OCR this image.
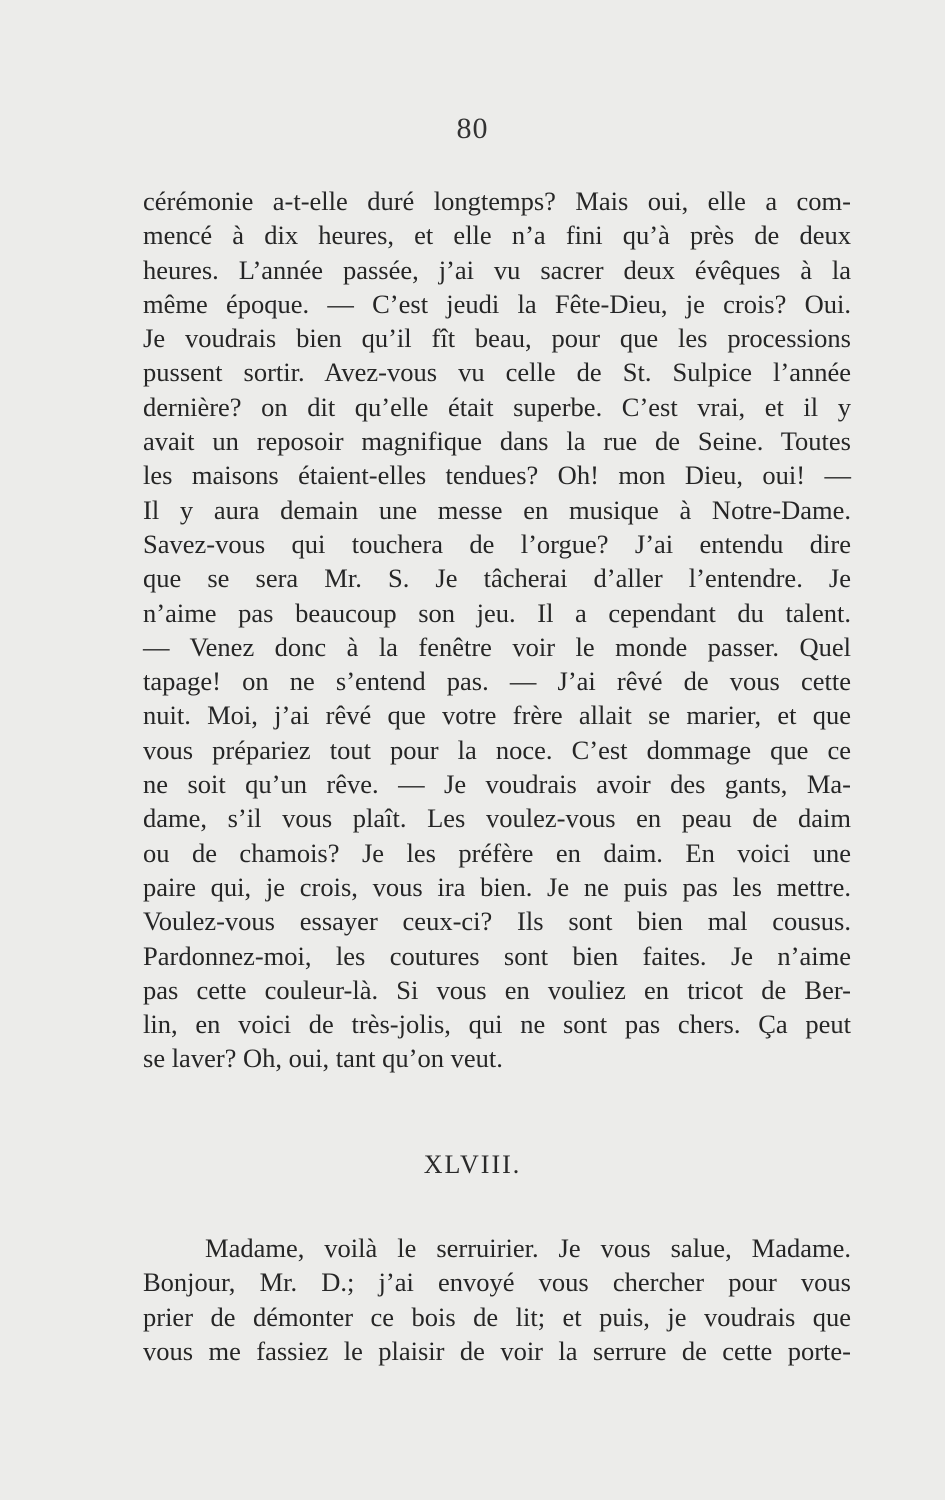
80
cérémonie a-t-elle duré longtemps? Mais oui, elle a com-
mencé à dix heures, et elle n’a fini qu’à près de deux
heures. L’année passée, j’ai vu sacrer deux évêques à la
même époque. — C’est jeudi la Fête-Dieu, je crois? Oui.
Je voudrais bien qu’il fît beau, pour que les processions
pussent sortir. Avez-vous vu celle de St. Sulpice l’année
dernière? on dit qu’elle était superbe. C’est vrai, et il y
avait un reposoir magnifique dans la rue de Seine. Toutes
les maisons étaient-elles tendues? Oh! mon Dieu, oui! —
Il y aura demain une messe en musique à Notre-Dame.
Savez-vous qui touchera de l’orgue? J’ai entendu dire
que se sera Mr. S. Je tâcherai d’aller l’entendre. Je
n’aime pas beaucoup son jeu. Il a cependant du talent.
— Venez donc à la fenêtre voir le monde passer. Quel
tapage! on ne s’entend pas. — J’ai rêvé de vous cette
nuit. Moi, j’ai rêvé que votre frère allait se marier, et que
vous prépariez tout pour la noce. C’est dommage que ce
ne soit qu’un rêve. — Je voudrais avoir des gants, Ma-
dame, s’il vous plaît. Les voulez-vous en peau de daim
ou de chamois? Je les préfère en daim. En voici une
paire qui, je crois, vous ira bien. Je ne puis pas les mettre.
Voulez-vous essayer ceux-ci? Ils sont bien mal cousus.
Pardonnez-moi, les coutures sont bien faites. Je n’aime
pas cette couleur-là. Si vous en vouliez en tricot de Ber-
lin, en voici de très-jolis, qui ne sont pas chers. Ça peut
se laver? Oh, oui, tant qu’on veut.
XLVIII.
Madame, voilà le serruirier. Je vous salue, Madame.
Bonjour, Mr. D.; j’ai envoyé vous chercher pour vous
prier de démonter ce bois de lit; et puis, je voudrais que
vous me fassiez le plaisir de voir la serrure de cette porte-
